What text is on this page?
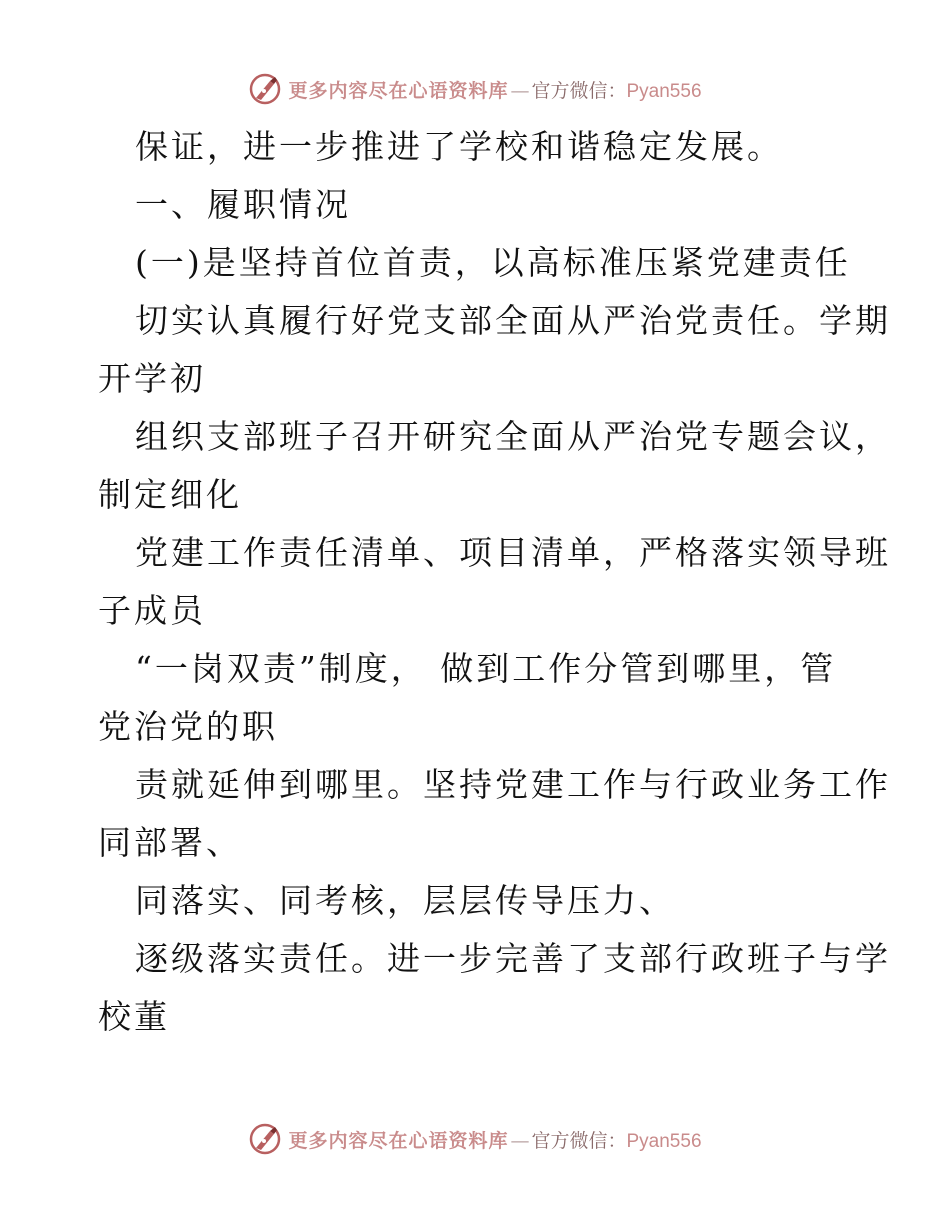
更多内容尽在心语资料库 — 官方微信： Pyan556
保证，进一步推进了学校和谐稳定发展。
一、履职情况
(一)是坚持首位首责，以高标准压紧党建责任
切实认真履行好党支部全面从严治党责任。学期
开学初
组织支部班子召开研究全面从严治党专题会议，
制定细化
党建工作责任清单、项目清单，严格落实领导班
子成员
“一岗双责”制度， 做到工作分管到哪里，管
党治党的职
责就延伸到哪里。坚持党建工作与行政业务工作
同部署、
同落实、同考核，层层传导压力、
逐级落实责任。进一步完善了支部行政班子与学
校董
更多内容尽在心语资料库 — 官方微信： Pyan556
